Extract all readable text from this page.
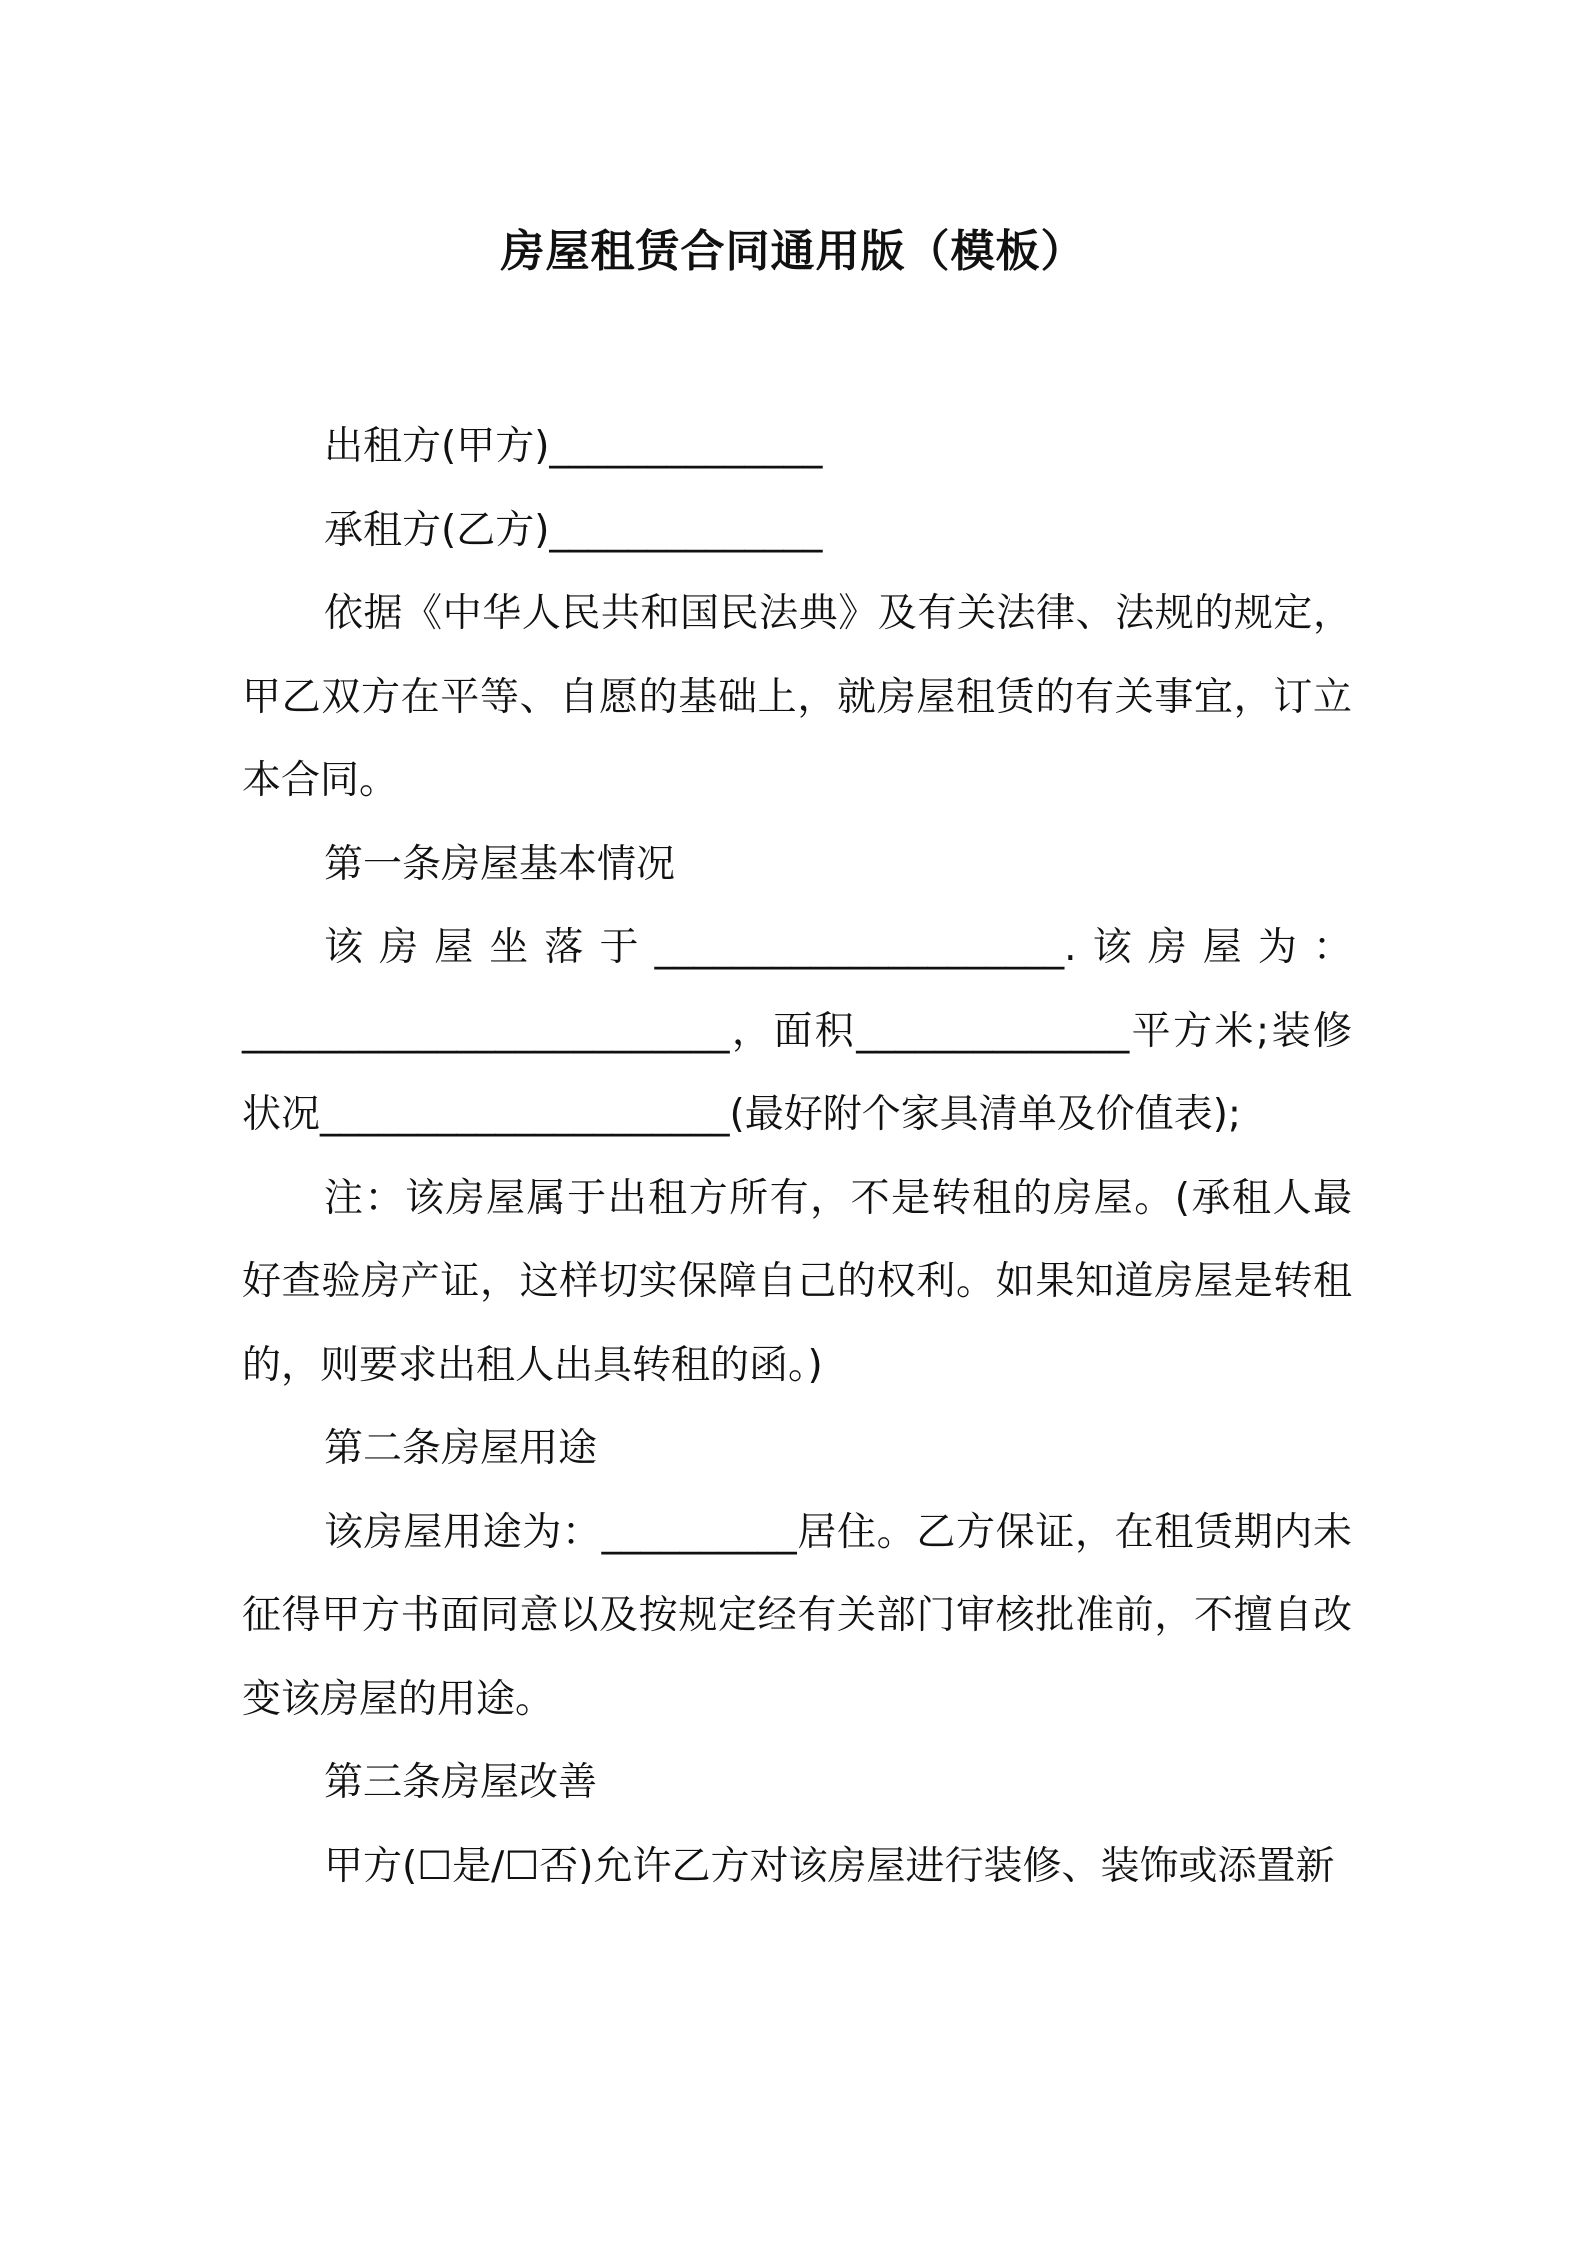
房屋租赁合同通用版（模板）

出租方(甲方)______________

承租方(乙方)______________

依据《中华人民共和国民法典》及有关法律、法规的规定，甲乙双方在平等、自愿的基础上，就房屋租赁的有关事宜，订立本合同。

第一条房屋基本情况

该房屋坐落于_____________________.该房屋为：_________________________，面积______________平方米;装修状况_____________________(最好附个家具清单及价值表);

注：该房屋属于出租方所有，不是转租的房屋。(承租人最好查验房产证，这样切实保障自己的权利。如果知道房屋是转租的，则要求出租人出具转租的函。)

第二条房屋用途

该房屋用途为：__________居住。乙方保证，在租赁期内未征得甲方书面同意以及按规定经有关部门审核批准前，不擅自改变该房屋的用途。

第三条房屋改善

甲方(☐是/☐否)允许乙方对该房屋进行装修、装饰或添置新
